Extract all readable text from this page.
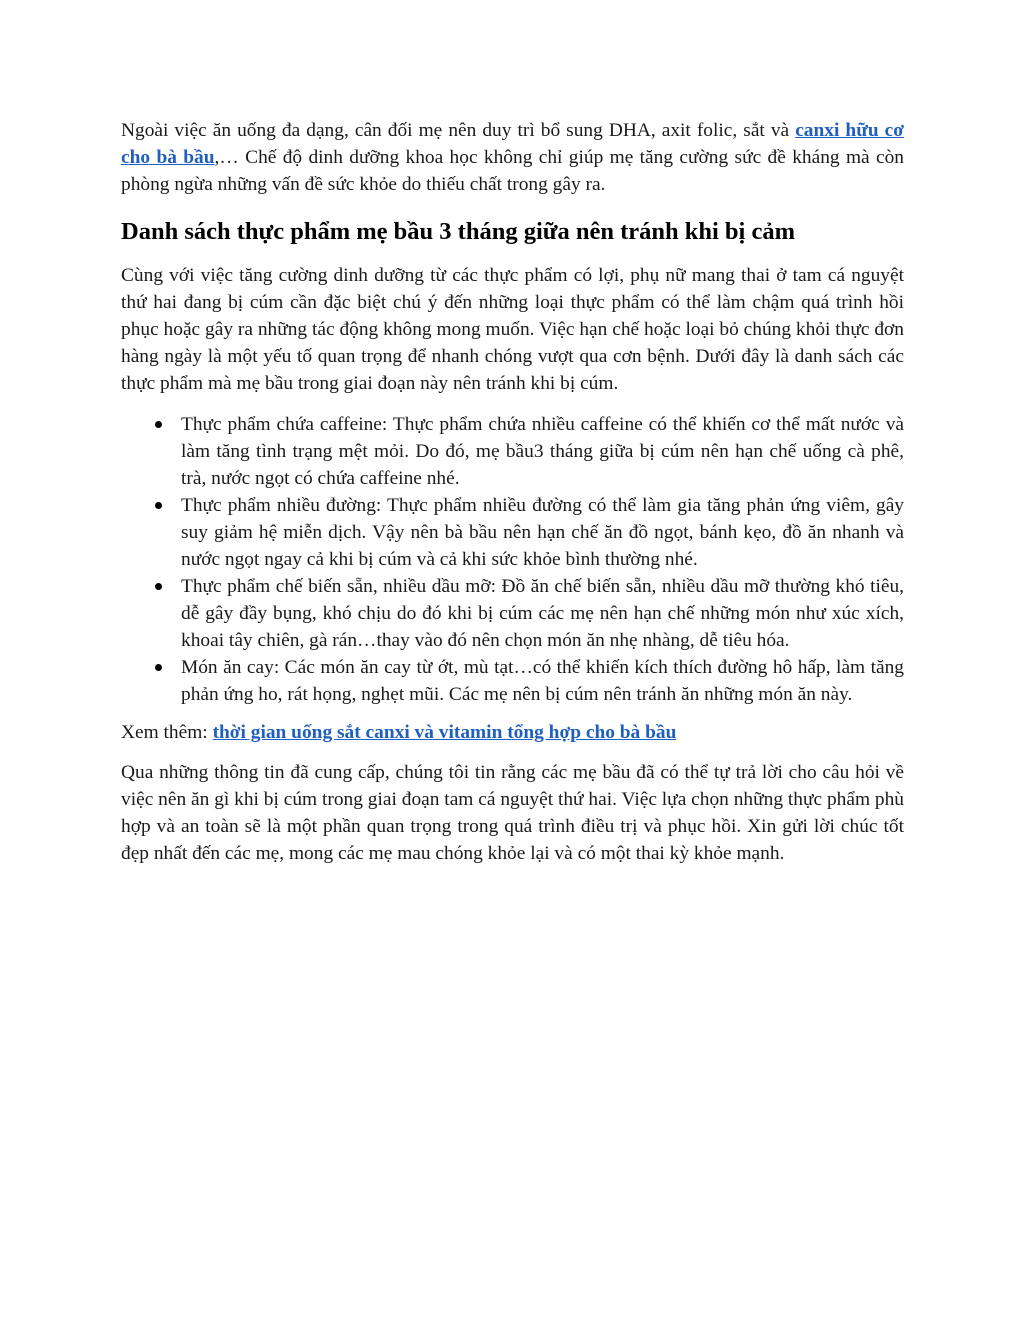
Ngoài việc ăn uống đa dạng, cân đối mẹ nên duy trì bổ sung DHA, axit folic, sắt và canxi hữu cơ cho bà bầu,… Chế độ dinh dưỡng khoa học không chỉ giúp mẹ tăng cường sức đề kháng mà còn phòng ngừa những vấn đề sức khỏe do thiếu chất trong gây ra.

Danh sách thực phẩm mẹ bầu 3 tháng giữa nên tránh khi bị cảm

Cùng với việc tăng cường dinh dưỡng từ các thực phẩm có lợi, phụ nữ mang thai ở tam cá nguyệt thứ hai đang bị cúm cần đặc biệt chú ý đến những loại thực phẩm có thể làm chậm quá trình hồi phục hoặc gây ra những tác động không mong muốn. Việc hạn chế hoặc loại bỏ chúng khỏi thực đơn hàng ngày là một yếu tố quan trọng để nhanh chóng vượt qua cơn bệnh. Dưới đây là danh sách các thực phẩm mà mẹ bầu trong giai đoạn này nên tránh khi bị cúm.

Thực phẩm chứa caffeine: Thực phẩm chứa nhiều caffeine có thể khiến cơ thể mất nước và làm tăng tình trạng mệt mỏi. Do đó, mẹ bầu3 tháng giữa bị cúm nên hạn chế uống cà phê, trà, nước ngọt có chứa caffeine nhé.
Thực phẩm nhiều đường: Thực phẩm nhiều đường có thể làm gia tăng phản ứng viêm, gây suy giảm hệ miễn dịch. Vậy nên bà bầu nên hạn chế ăn đồ ngọt, bánh kẹo, đồ ăn nhanh và nước ngọt ngay cả khi bị cúm và cả khi sức khỏe bình thường nhé.
Thực phẩm chế biến sẵn, nhiều dầu mỡ: Đồ ăn chế biến sẵn, nhiều dầu mỡ thường khó tiêu, dễ gây đầy bụng, khó chịu do đó khi bị cúm các mẹ nên hạn chế những món như xúc xích, khoai tây chiên, gà rán…thay vào đó nên chọn món ăn nhẹ nhàng, dễ tiêu hóa.
Món ăn cay: Các món ăn cay từ ớt, mù tạt…có thể khiến kích thích đường hô hấp, làm tăng phản ứng ho, rát họng, nghẹt mũi. Các mẹ nên bị cúm nên tránh ăn những món ăn này.

Xem thêm: thời gian uống sắt canxi và vitamin tổng hợp cho bà bầu

Qua những thông tin đã cung cấp, chúng tôi tin rằng các mẹ bầu đã có thể tự trả lời cho câu hỏi về việc nên ăn gì khi bị cúm trong giai đoạn tam cá nguyệt thứ hai. Việc lựa chọn những thực phẩm phù hợp và an toàn sẽ là một phần quan trọng trong quá trình điều trị và phục hồi. Xin gửi lời chúc tốt đẹp nhất đến các mẹ, mong các mẹ mau chóng khỏe lại và có một thai kỳ khỏe mạnh.
